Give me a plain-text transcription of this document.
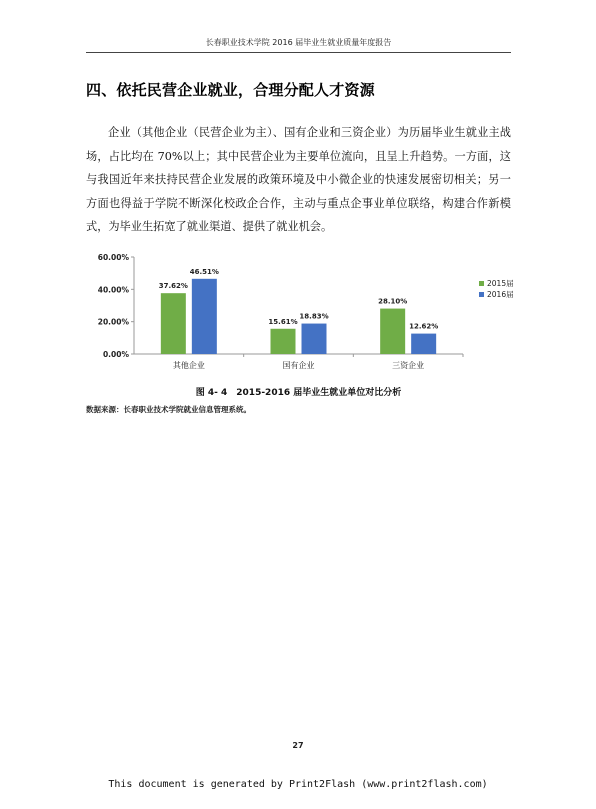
长春职业技术学院 2016 届毕业生就业质量年度报告
四、依托民营企业就业，合理分配人才资源
企业（其他企业（民营企业为主）、国有企业和三资企业）为历届毕业生就业主战场，占比均在 70%以上；其中民营企业为主要单位流向，且呈上升趋势。一方面，这与我国近年来扶持民营企业发展的政策环境及中小微企业的快速发展密切相关；另一方面也得益于学院不断深化校政企合作，主动与重点企事业单位联络，构建合作新模式，为毕业生拓宽了就业渠道、提供了就业机会。
0.00%
20.00%
40.00%
60.00%
37.62%
46.51%
其他企业
15.61%
18.83%
国有企业
28.10%
12.62%
三资企业
2015届
2016届
图 4- 4　2015-2016 届毕业生就业单位对比分析
数据来源：长春职业技术学院就业信息管理系统。
27
This document is generated by Print2Flash (www.print2flash.com)
